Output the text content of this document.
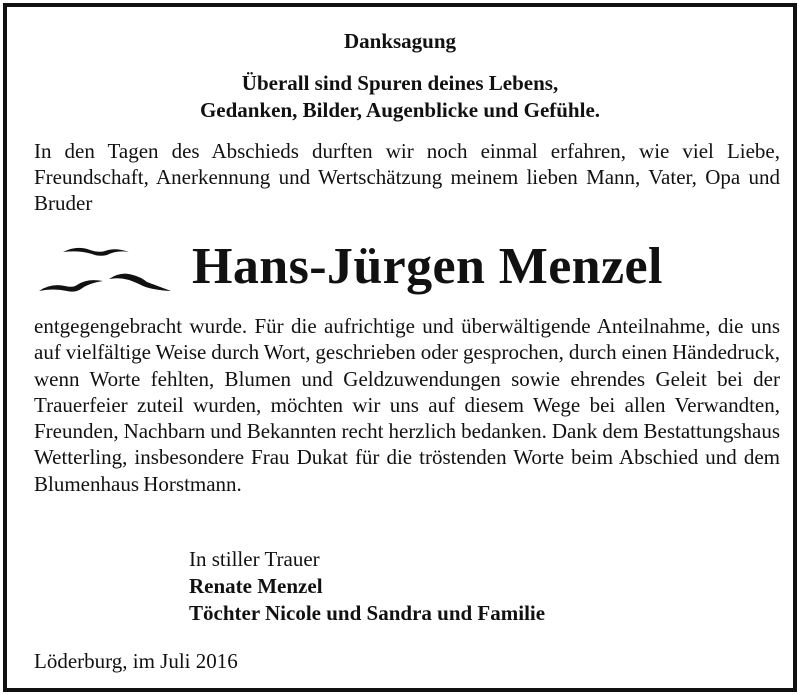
Danksagung
Überall sind Spuren deines Lebens,
Gedanken, Bilder, Augenblicke und Gefühle.
In den Tagen des Abschieds durften wir noch einmal erfahren, wie viel Liebe, Freundschaft, Anerkennung und Wertschätzung meinem lieben Mann, Vater, Opa und Bruder
Hans-Jürgen Menzel
entgegengebracht wurde. Für die aufrichtige und überwältigende Anteilnahme, die uns auf vielfältige Weise durch Wort, geschrieben oder gesprochen, durch einen Händedruck, wenn Worte fehlten, Blumen und Geldzuwendungen sowie ehrendes Geleit bei der Trauerfeier zuteil wurden, möchten wir uns auf diesem Wege bei allen Verwandten, Freunden, Nachbarn und Bekannten recht herzlich bedanken. Dank dem Bestattungshaus Wetterling, insbesondere Frau Dukat für die tröstenden Worte beim Abschied und dem Blumenhaus Horstmann.
In stiller Trauer
Renate Menzel
Töchter Nicole und Sandra und Familie
Löderburg, im Juli 2016
